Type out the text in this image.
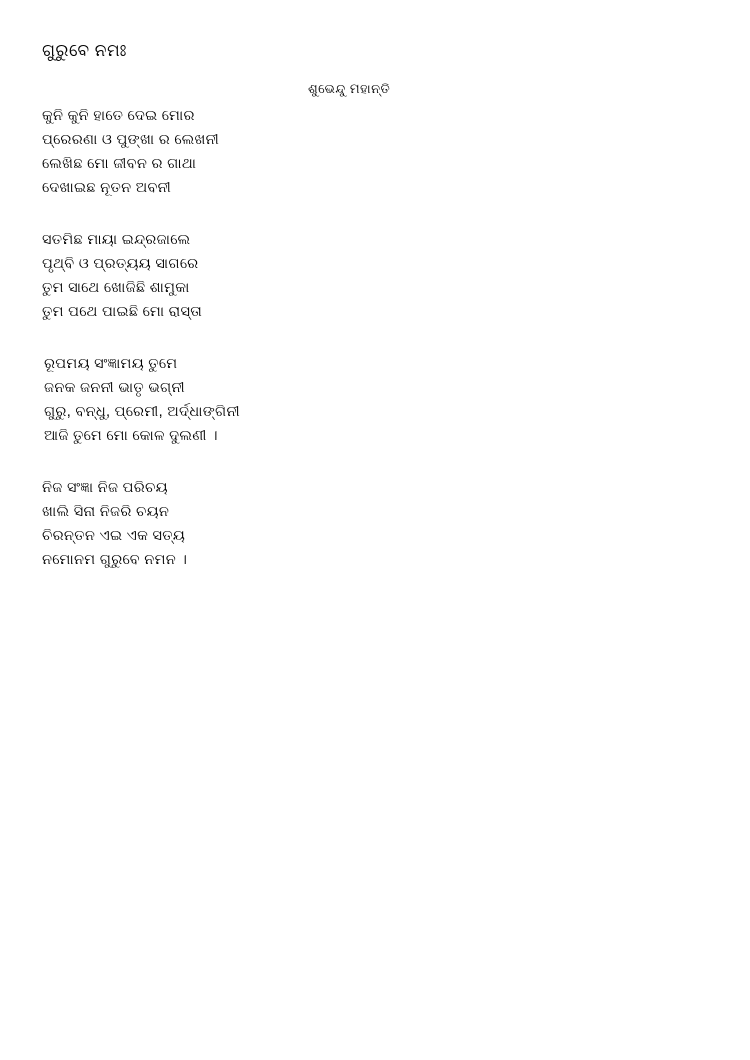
ଗୁରୁବେ ନମଃ
ଶୁଭେନ୍ଦୁ ମହାନ୍ତି
କୁନି କୁନି ହାତେ ଦେଇ ମୋର
ପ୍ରେରଣା ଓ ପୁଙ୍ଖା ର ଲେଖନୀ
ଲେଖିଛ ମୋ ଜୀବନ ର ଗାଥା
ଦେଖାଇଛ ନୂତନ ଅବନୀ
ସତମିଛ ମାୟା ଇନ୍ଦ୍ରଜାଲେ
ପୃଥ୍ବି ଓ ପ୍ରତ୍ୟୟ ସାଗରେ
ତୁମ ସାଥେ ଖୋଜିଛି ଶାମୁକା
ତୁମ ପଥେ ପାଇଛି ମୋ ରାସ୍ତା
ରୂପମୟ ସଂଜ୍ଞାମୟ ତୁମେ
ଜନକ ଜନନୀ ଭାତୃ ଭଗ୍ନୀ
ଗୁରୁ, ବନ୍ଧୁ, ପ୍ରେମୀ, ଅର୍ଦ୍ଧାଙ୍ଗିନୀ
ଆଜି ତୁମେ ମୋ କୋଳ ଦୁଲଣୀ ।
ନିଜ ସଂଜ୍ଞା ନିଜ ପରିଚୟ
ଖାଲି ସିନା ନିଜରି ଚୟନ
ଚିରନ୍ତନ ଏଇ ଏକ ସତ୍ୟ
ନମୋନମ ଗୁରୁବେ ନମନ ।
